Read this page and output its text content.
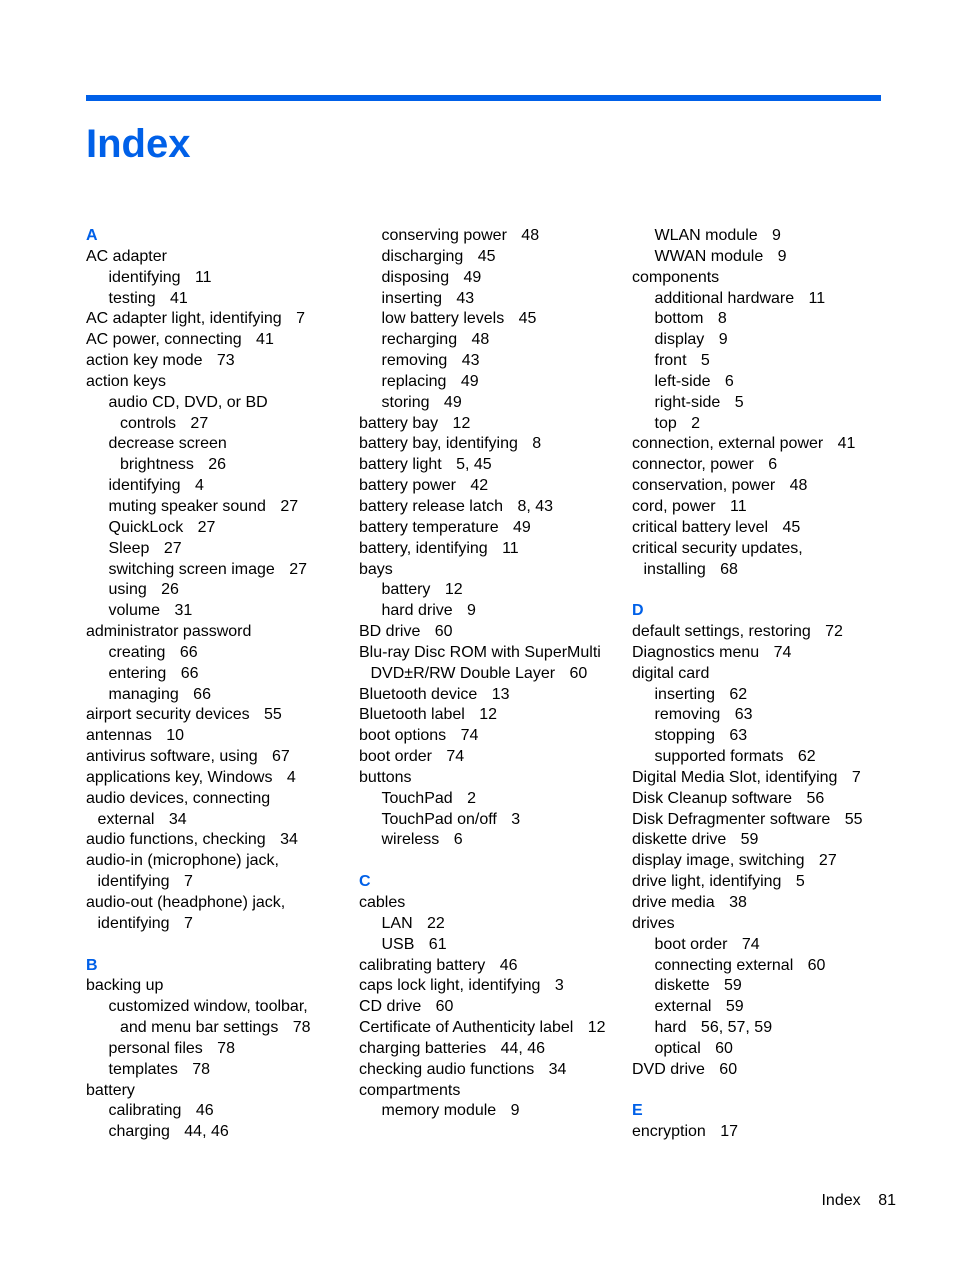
Index
A
AC adapter
identifying 11
testing 41
AC adapter light, identifying 7
AC power, connecting 41
action key mode 73
action keys
audio CD, DVD, or BD
controls 27
decrease screen
brightness 26
identifying 4
muting speaker sound 27
QuickLock 27
Sleep 27
switching screen image 27
using 26
volume 31
administrator password
creating 66
entering 66
managing 66
airport security devices 55
antennas 10
antivirus software, using 67
applications key, Windows 4
audio devices, connecting
external 34
audio functions, checking 34
audio-in (microphone) jack,
identifying 7
audio-out (headphone) jack,
identifying 7
B
backing up
customized window, toolbar,
and menu bar settings 78
personal files 78
templates 78
battery
calibrating 46
charging 44, 46
conserving power 48
discharging 45
disposing 49
inserting 43
low battery levels 45
recharging 48
removing 43
replacing 49
storing 49
battery bay 12
battery bay, identifying 8
battery light 5, 45
battery power 42
battery release latch 8, 43
battery temperature 49
battery, identifying 11
bays
battery 12
hard drive 9
BD drive 60
Blu-ray Disc ROM with SuperMulti
DVD±R/RW Double Layer 60
Bluetooth device 13
Bluetooth label 12
boot options 74
boot order 74
buttons
TouchPad 2
TouchPad on/off 3
wireless 6
C
cables
LAN 22
USB 61
calibrating battery 46
caps lock light, identifying 3
CD drive 60
Certificate of Authenticity label 12
charging batteries 44, 46
checking audio functions 34
compartments
memory module 9
WLAN module 9
WWAN module 9
components
additional hardware 11
bottom 8
display 9
front 5
left-side 6
right-side 5
top 2
connection, external power 41
connector, power 6
conservation, power 48
cord, power 11
critical battery level 45
critical security updates,
installing 68
D
default settings, restoring 72
Diagnostics menu 74
digital card
inserting 62
removing 63
stopping 63
supported formats 62
Digital Media Slot, identifying 7
Disk Cleanup software 56
Disk Defragmenter software 55
diskette drive 59
display image, switching 27
drive light, identifying 5
drive media 38
drives
boot order 74
connecting external 60
diskette 59
external 59
hard 56, 57, 59
optical 60
DVD drive 60
E
encryption 17
Index 81
